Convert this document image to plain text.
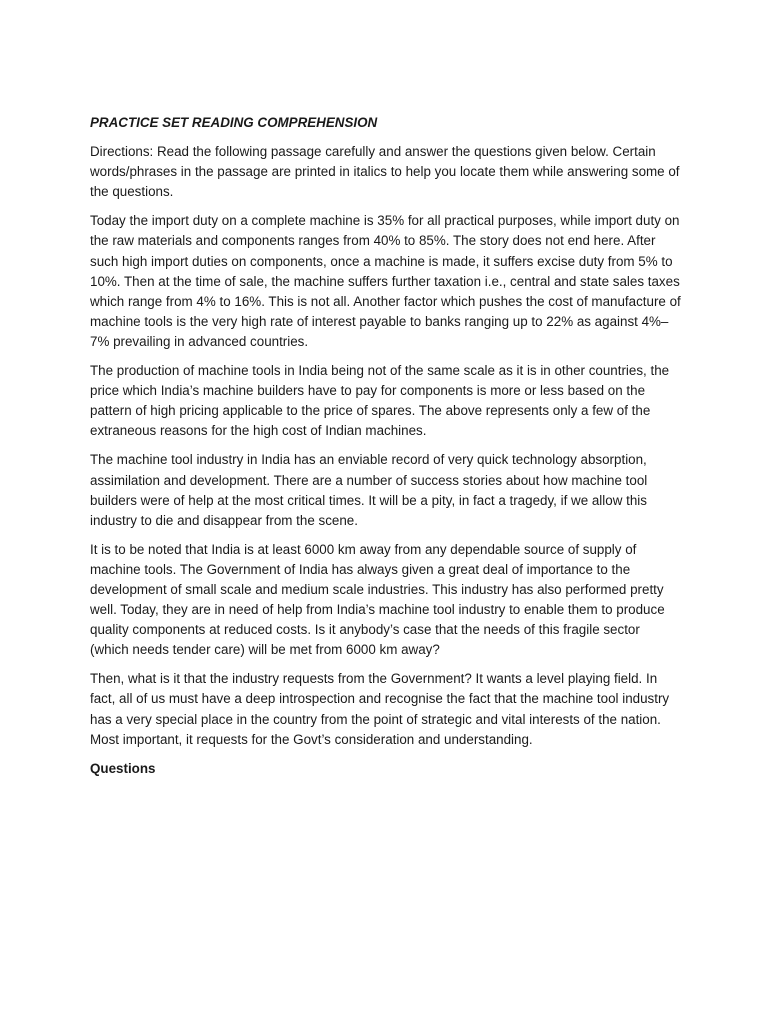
PRACTICE SET READING COMPREHENSION

Directions: Read the following passage carefully and answer the questions given below. Certain words/phrases in the passage are printed in italics to help you locate them while answering some of the questions.

Today the import duty on a complete machine is 35% for all practical purposes, while import duty on the raw materials and components ranges from 40% to 85%. The story does not end here. After such high import duties on components, once a machine is made, it suffers excise duty from 5% to 10%. Then at the time of sale, the machine suffers further taxation i.e., central and state sales taxes which range from 4% to 16%. This is not all. Another factor which pushes the cost of manufacture of machine tools is the very high rate of interest payable to banks ranging up to 22% as against 4%–7% prevailing in advanced countries.

The production of machine tools in India being not of the same scale as it is in other countries, the price which India’s machine builders have to pay for components is more or less based on the pattern of high pricing applicable to the price of spares. The above represents only a few of the extraneous reasons for the high cost of Indian machines.

The machine tool industry in India has an enviable record of very quick technology absorption, assimilation and development. There are a number of success stories about how machine tool builders were of help at the most critical times. It will be a pity, in fact a tragedy, if we allow this industry to die and disappear from the scene.

It is to be noted that India is at least 6000 km away from any dependable source of supply of machine tools. The Government of India has always given a great deal of importance to the development of small scale and medium scale industries. This industry has also performed pretty well. Today, they are in need of help from India’s machine tool industry to enable them to produce quality components at reduced costs. Is it anybody’s case that the needs of this fragile sector (which needs tender care) will be met from 6000 km away?

Then, what is it that the industry requests from the Government? It wants a level playing field. In fact, all of us must have a deep introspection and recognise the fact that the machine tool industry has a very special place in the country from the point of strategic and vital interests of the nation. Most important, it requests for the Govt’s consideration and understanding.

Questions
